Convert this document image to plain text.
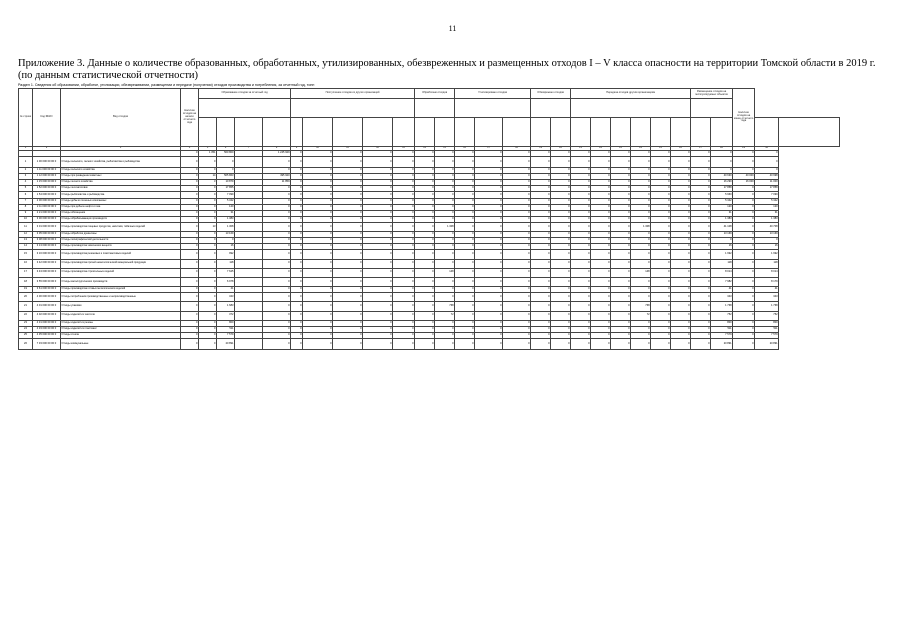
11
Приложение 3. Данные о количестве образованных, обработанных, утилизированных, обезвреженных и размещенных отходов I – V класса опасности на территории Томской области в 2019 г. (по данным статистической отчетности)
Раздел 1. Сведения об образовании, обработке, утилизации, обезвреживании, размещении и передаче (получении) отходов производства и потребления, за отчетный год, тонн
№ строки	Код ФККО	Вид отходов	Наличие отходов на начало отчетного года	Образование отходов за отчетный год				Поступление отходов из других организаций					Обработано отходов		Утилизировано отходов			Обезврежено отходов		Передача отходов другим организациям						Размещение отходов на эксплуатируемых объектах		Наличие отходов на конец отчетного года		

1	2	3	4	5	6	7	8	9	10	11	12	13	14	15	16	17	18	19	20	21	22	23	24	25	26	27	28	29	30	
			0	1 351	560 800		1 245 929	0	0	0	0	0	0	0	0	0	0	0	0	0	0	0	0	0	0	0	0	0	0	
1	1 00 000 00 00 0	Отходы сельского, лесного хозяйства, рыболовства и рыбоводства	0	0	0		0	0	0	0	0	0	0	0	0	0	0	0	0	0	0	0	0	0	0	0	0	0	0	
2	1 11 000 00 00 0	Отходы сельского хозяйства	0	0	0		0	0	0	0	0	0	0	0	0	0	0	0	0	0	0	0	0	0	0	0	0	0	0	
3	1 12 000 00 00 0	Отходы при разведении животных	0	14	565 863		495 920	0	0	0	0	0	0	0	0	0	0	0	0	0	0	0	0	0	0	0	40 630	40 000	40 998	
4	1 15 000 00 00 0	Отходы лесного хозяйства	0	3	10 879		11 859	0	0	0	0	0	0	0	0	0	0	0	0	0	0	0	0	0	0	0	16 290	16 000	11 000	
5	1 52 000 00 00 0	Отходы лесозаготовок	0	0	17 855		0	0	0	0	0	0	0	0	0	0	0	0	0	0	0	0	0	0	0	0	17 858	0	17 858	
6	1 54 000 00 00 0	Отходы рыболовства и рыбоводства	0	0	7 099		0	0	0	0	0	0	0	0	0	0	0	0	0	0	0	0	0	0	0	0	5 960	0	7 099	
7	2 00 000 00 00 0	Отходы добычи полезных ископаемых	0	0	5 342		0	0	0	0	0	0	0	0	0	0	0	0	0	0	0	0	0	0	0	0	5 342	0	5 342	
8	2 11 000 00 00 0	Отходы при добыче нефти и газа	0	0	120		0	0	0	0	0	0	0	0	0	0	0	0	0	0	0	0	0	0	0	0	120	0	120	
9	2 21 000 00 00 0	Отходы обогащения	0	0	31		0	0	0	0	0	0	0	0	0	0	0	0	0	0	0	0	0	0	0	0	31	0	31	
10	3 00 000 00 00 0	Отходы обрабатывающих производств	0	0	1 383		0	0	0	0	0	0	0	0	0	0	0	0	0	0	0	0	0	0	0	0	1 383	0	1 383	
11	3 01 000 00 00 0	Отходы производства пищевых продуктов, напитков, табачных изделий	0	13	1 308		0	0	0	0	0	0	0	1 308	0	0	0	0	0	0	0	0	1 308	0	0	0	41 108	0	40 708	
12	3 05 000 00 00 0	Отходы обработки древесины	0	0	13 169		0	0	0	0	0	0	0	0	0	0	0	0	0	0	0	0	0	0	0	0	13 169	0	13 169	
13	3 08 000 00 00 0	Отходы полиграфической деятельности	0	0	0		0	0	0	0	0	0	0	0	0	0	0	0	0	0	0	0	0	0	0	0	0	0	0	
14	3 13 000 00 00 0	Отходы производства химических веществ	0	0	16		0	0	0	0	0	0	0	0	0	0	0	0	0	0	0	0	0	0	0	0	16	0	16	
15	3 16 000 00 00 0	Отходы производства резиновых и пластмассовых изделий	0	0	992		0	0	0	0	0	0	0	0	0	0	0	0	0	0	0	0	0	0	0	0	1 992	0	1 992	
16	3 42 000 00 00 0	Отходы производства прочей неметаллической минеральной продукции	0	0	118		0	0	0	0	0	0	0	0	0	0	0	0	0	0	0	0	0	0	0	0	118	0	118	
17	3 43 000 00 00 0	Отходы производства строительных изделий	0	0	7 625		0	0	0	0	0	0	0	148	0	0	0	0	0	0	0	0	148	0	0	0	8 014	0	8 014	
18	3 55 000 00 00 0	Отходы металлургических производств	0	0	6 978		0	0	0	0	0	0	0	0	0	0	0	0	0	0	0	0	0	0	0	0	7 982	0	8 179	
19	3 61 000 00 00 0	Отходы производства готовых металлических изделий	0	0	41		0	0	0	0	0	0	0	0	0	0	0	0	0	0	0	0	0	0	0	0	41	0	41	
20	4 00 000 00 00 0	Отходы потребления производственные и непроизводственные	0	0	343		0	0	0	0	0	0	0	0	0	0	0	0	0	0	0	0	0	0	0	0	343	0	343	
21	4 01 000 00 00 0	Отходы упаковки	0	0	1 683		0	0	0	0	0	0	0	768	0	0	0	0	0	0	0	0	768	0	0	0	1 768	0	1 768	
22	4 02 000 00 00 0	Отходы изделий из текстиля	0	0	372		0	0	0	0	0	0	0	72	0	0	0	0	0	0	0	0	72	0	0	0	752	0	752	
23	4 31 000 00 00 0	Отходы изделий из резины	0	0	800		0	0	0	0	0	0	0	0	0	0	0	0	0	0	0	0	0	0	0	0	800	0	800	
24	4 33 000 00 00 0	Отходы изделий из пластмасс	0	0	511		0	0	0	0	0	0	0	0	0	0	0	0	0	0	0	0	0	0	0	0	511	0	511	
25	4 35 000 00 00 0	Отходы стекла	0	0	7 579		0	0	0	0	0	0	0	0	0	0	0	0	0	0	0	0	0	0	0	0	7 579	0	7 579	
26	7 33 000 00 00 0	Отходы коммунальные	0	0	20 891		0	0	0	0	0	0	0	0	0	0	0	0	0	0	0	0	0	0	0	0	20 891	0	20 891	
